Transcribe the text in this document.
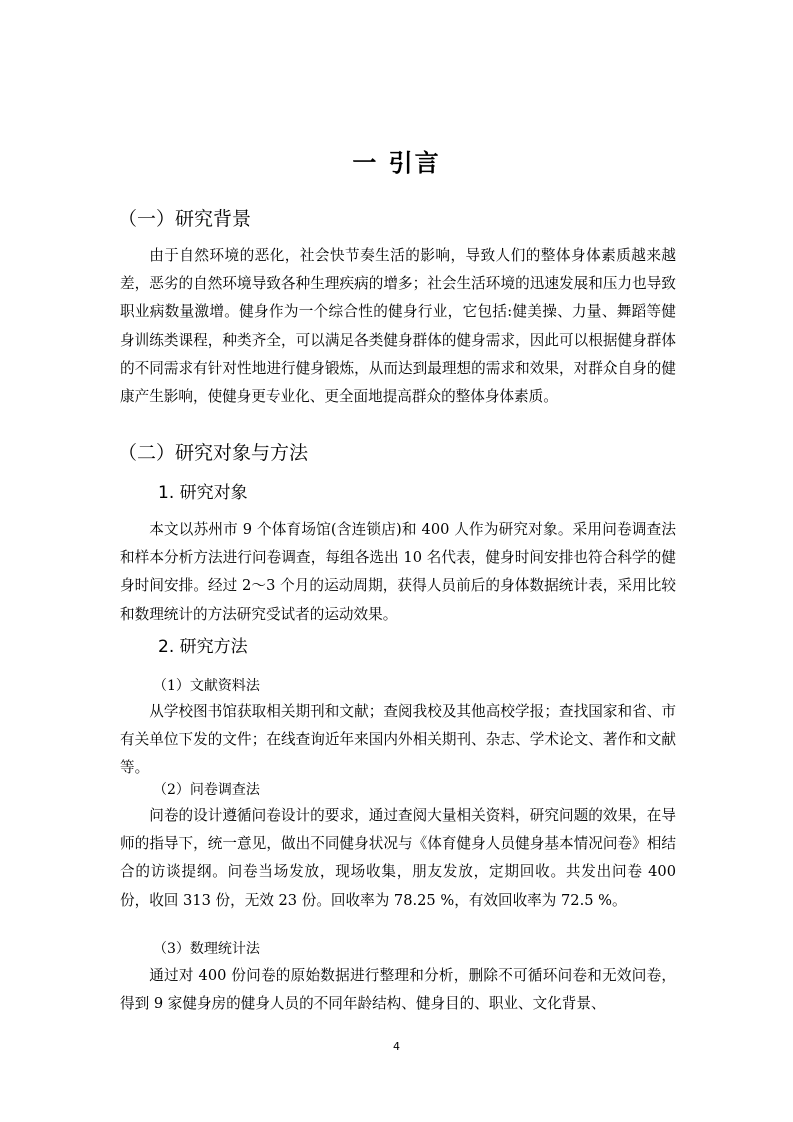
一 引言
（一）研究背景
由于自然环境的恶化，社会快节奏生活的影响，导致人们的整体身体素质越来越差，恶劣的自然环境导致各种生理疾病的增多；社会生活环境的迅速发展和压力也导致职业病数量激增。健身作为一个综合性的健身行业，它包括:健美操、力量、舞蹈等健身训练类课程，种类齐全，可以满足各类健身群体的健身需求，因此可以根据健身群体的不同需求有针对性地进行健身锻炼，从而达到最理想的需求和效果，对群众自身的健康产生影响，使健身更专业化、更全面地提高群众的整体身体素质。
（二）研究对象与方法
1. 研究对象
本文以苏州市 9 个体育场馆(含连锁店)和 400 人作为研究对象。采用问卷调查法和样本分析方法进行问卷调查，每组各选出 10 名代表，健身时间安排也符合科学的健身时间安排。经过 2～3 个月的运动周期，获得人员前后的身体数据统计表，采用比较和数理统计的方法研究受试者的运动效果。
2. 研究方法
（1）文献资料法
从学校图书馆获取相关期刊和文献；查阅我校及其他高校学报；查找国家和省、市有关单位下发的文件；在线查询近年来国内外相关期刊、杂志、学术论文、著作和文献等。
（2）问卷调查法
问卷的设计遵循问卷设计的要求，通过查阅大量相关资料，研究问题的效果，在导师的指导下，统一意见，做出不同健身状况与《体育健身人员健身基本情况问卷》相结合的访谈提纲。问卷当场发放，现场收集，朋友发放，定期回收。共发出问卷 400 份，收回 313 份，无效 23 份。回收率为 78.25 %，有效回收率为 72.5 %。
（3）数理统计法
通过对 400 份问卷的原始数据进行整理和分析，删除不可循环问卷和无效问卷，得到 9 家健身房的健身人员的不同年龄结构、健身目的、职业、文化背景、
4
